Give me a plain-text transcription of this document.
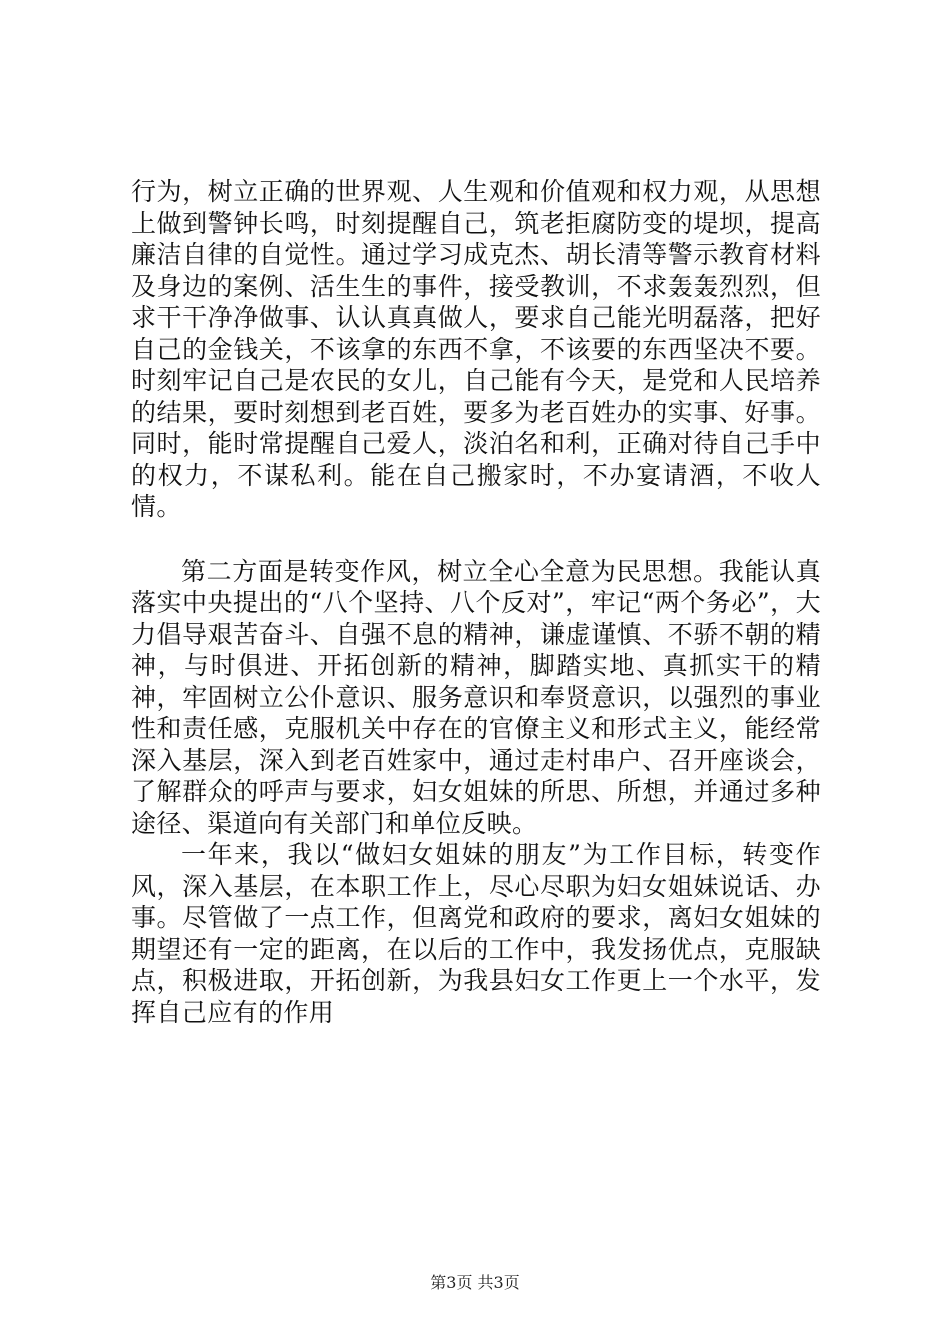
行为，树立正确的世界观、人生观和价值观和权力观，从思想上做到警钟长鸣，时刻提醒自己，筑老拒腐防变的堤坝，提高廉洁自律的自觉性。通过学习成克杰、胡长清等警示教育材料及身边的案例、活生生的事件，接受教训，不求轰轰烈烈，但求干干净净做事、认认真真做人，要求自己能光明磊落，把好自己的金钱关，不该拿的东西不拿，不该要的东西坚决不要。时刻牢记自己是农民的女儿，自己能有今天，是党和人民培养的结果，要时刻想到老百姓，要多为老百姓办的实事、好事。同时，能时常提醒自己爱人，淡泊名和利，正确对待自己手中的权力，不谋私利。能在自己搬家时，不办宴请酒，不收人情。

第二方面是转变作风，树立全心全意为民思想。我能认真落实中央提出的“八个坚持、八个反对”，牢记“两个务必”，大力倡导艰苦奋斗、自强不息的精神，谦虚谨慎、不骄不朝的精神，与时俱进、开拓创新的精神，脚踏实地、真抓实干的精神，牢固树立公仆意识、服务意识和奉贤意识，以强烈的事业性和责任感，克服机关中存在的官僚主义和形式主义，能经常深入基层，深入到老百姓家中，通过走村串户、召开座谈会，了解群众的呼声与要求，妇女姐妹的所思、所想，并通过多种途径、渠道向有关部门和单位反映。

一年来，我以“做妇女姐妹的朋友”为工作目标，转变作风，深入基层，在本职工作上，尽心尽职为妇女姐妹说话、办事。尽管做了一点工作，但离党和政府的要求，离妇女姐妹的期望还有一定的距离，在以后的工作中，我发扬优点，克服缺点，积极进取，开拓创新，为我县妇女工作更上一个水平，发挥自己应有的作用

第3页 共3页
